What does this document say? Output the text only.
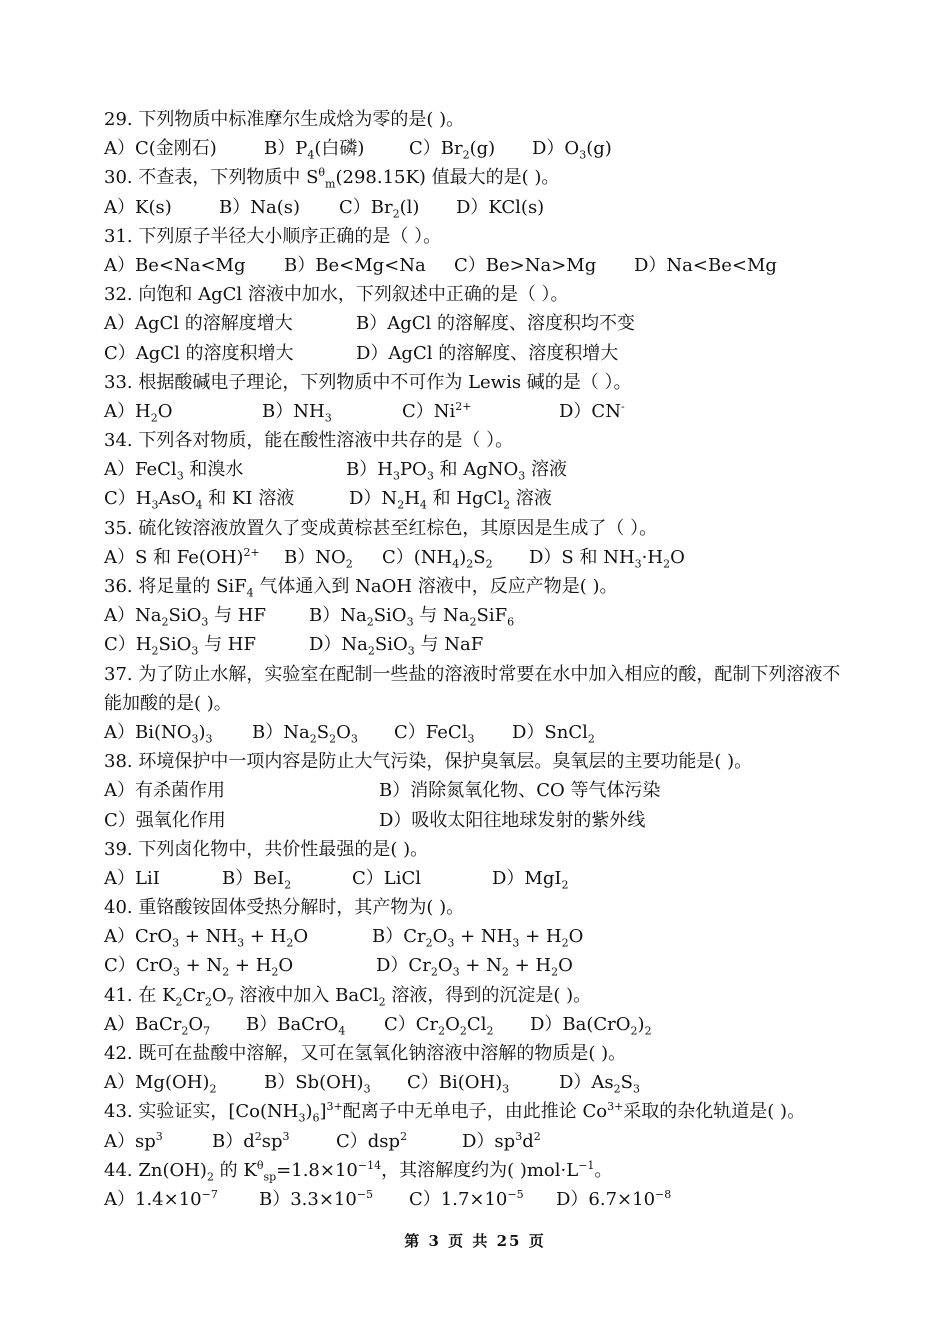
29. 下列物质中标准摩尔生成焓为零的是( )。
A）C(金刚石)	$B)P_4$(白磷) $C)Br_2(g)$ $D)O_3(g)$
30. 不查表，下列物质中 $S^\theta_m(298.15K)$ 值最大的是( )。
A）K(s)	B）Na(s) $C)Br_2(l)$ D）KCl(s)
31. 下列原子半径大小顺序正确的是（ ）。
A）Be<Na<Mg B）Be<Mg<Na C）Be>Na>Mg D）Na<Be<Mg
32. 向饱和 AgCl 溶液中加水，下列叙述中正确的是（ ）。
A）AgCl 的溶解度增大	B）AgCl 的溶解度、溶度积均不变
C）AgCl 的溶度积增大	D）AgCl 的溶解度、溶度积增大
33. 根据酸碱电子理论，下列物质中不可作为 Lewis 碱的是（ ）。
$A)H_2O$	$B)NH_3$	$C)Ni^{2+}$	D）CN-
34. 下列各对物质，能在酸性溶液中共存的是（ ）。
A）FeCl$_3$ 和溴水	$B)H_3PO_3$ 和 AgNO$_3$ 溶液
$C)H_3AsO_4$ 和 KI 溶液	$D)N_2H_4$ 和 HgCl$_2$ 溶液
35. 硫化铵溶液放置久了变成黄棕甚至红棕色，其原因是生成了（ ）。
A）S 和 Fe(OH)$^{2+}$ $B)NO_2$ $C)(NH_4)_2S_2$ D）S 和 $NH_3\cdot H_2O$
36. 将足量的 SiF$_4$ 气体通入到 NaOH 溶液中，反应产物是( )。
$A)Na_2SiO_3$ 与 HF $B)Na_2SiO_3$ 与 $Na_2SiF_6$
$C)H_2SiO_3$ 与 HF	$D)Na_2SiO_3$ 与 NaF
37. 为了防止水解，实验室在配制一些盐的溶液时常要在水中加入相应的酸，配制下列溶液不能加酸的是( )。
$A)Bi(NO_3)_3$ $B)Na_2S_2O_3$ C）FeCl$_3$ D）SnCl$_2$
38. 环境保护中一项内容是防止大气污染，保护臭氧层。臭氧层的主要功能是( )。
A）有杀菌作用	B）消除氮氧化物、CO 等气体污染
C）强氧化作用	D）吸收太阳往地球发射的紫外线
39. 下列卤化物中，共价性最强的是( )。
A）LiI	B）BeI$_2$	C）LiCl	D）MgI$_2$
40. 重铬酸铵固体受热分解时，其产物为( )。
$A)CrO_3 + NH_3 + H_2O$	$B)Cr_2O_3 + NH_3 + H_2O$
$C)CrO_3 + N_2 + H_2O$	$D)Cr_2O_3 + N_2 + H_2O$
41. 在 $K_2Cr_2O_7$ 溶液中加入 BaCl$_2$ 溶液，得到的沉淀是( )。
$A)BaCr_2O_7$ B）BaCrO$_4$ $C)Cr_2O_2Cl_2$ $D)Ba(CrO_2)_2$
42. 既可在盐酸中溶解，又可在氢氧化钠溶液中溶解的物质是( )。
$A)Mg(OH)_2$	$B)Sb(OH)_3$ $C)Bi(OH)_3$	$D)As_2S_3$
43. 实验证实，$[Co(NH_3)_6]^{3+}$配离子中无单电子，由此推论 $Co^{3+}$采取的杂化轨道是( )。
$A)sp^3$	$B)d^2sp^3$	C）dsp$^2$	$D)sp^3d^2$
44. $Zn(OH)_2$ 的 $K^\theta_{sp}=1.8\times 10^{-14}$，其溶解度约为( )$mol\cdot L^{-1}$。
$A)1.4\times 10^{-7}$ $B)3.3\times 10^{-5}$ $C)1.7\times 10^{-5}$ $D)6.7\times 10^{-8}$
第 3 页 共 25 页
